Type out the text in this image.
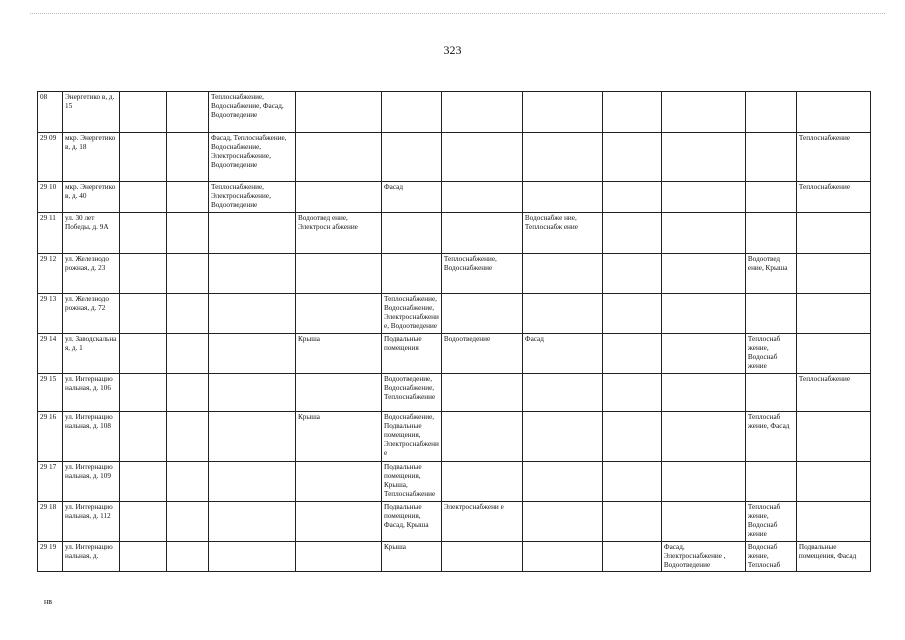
323
08	Энергетико в, д. 15			Теплоснабжение, Водоснабжение, Фасад, Водоотведение								
29 09	мкр. Энергетико в, д. 18			Фасад, Теплоснабжение, Водоснабжение, Электроснабжение, Водоотведение								Теплоснабжение
29 10	мкр. Энергетико в, д. 40			Теплоснабжение, Электроснабжение, Водоотведение		Фасад						Теплоснабжение
29 11	ул. 30 лет Победы, д. 9А				Водоотвед ение, Электросн абжение			Водоснабже ние, Теплоснабж ение				
29 12	ул. Железнодо рожная, д. 23						Теплоснабжение, Водоснабжение				Водоотвед ение, Крыша	
29 13	ул. Железнодо рожная, д. 72					Теплоснабжение, Водоснабжение, Электроснабжени е, Водоотведение						
29 14	ул. Заводскальна я, д. 1				Крыша	Подвальные помещения	Водоотведение	Фасад			Теплоснаб жение, Водоснаб жение	
29 15	ул. Интернацио нальная, д. 106					Водоотведение, Водоснабжение, Теплоснабжение						Теплоснабжение
29 16	ул. Интернацио нальная, д. 108				Крыша	Водоснабжение, Подвальные помещения, Электроснабжени е					Теплоснаб жение, Фасад	
29 17	ул. Интернацио нальная, д. 109					Подвальные помещения, Крыша, Теплоснабжение						
29 18	ул. Интернацио нальная, д. 112					Подвальные помещения, Фасад, Крыша	Электроснабжени е				Теплоснаб жение, Водоснаб жение	
29 19	ул. Интернацио нальная, д.					Крыша				Фасад, Электроснабжение , Водоотведение	Водоснаб жение, Теплоснаб	Подвальные помещения, Фасад
нв
